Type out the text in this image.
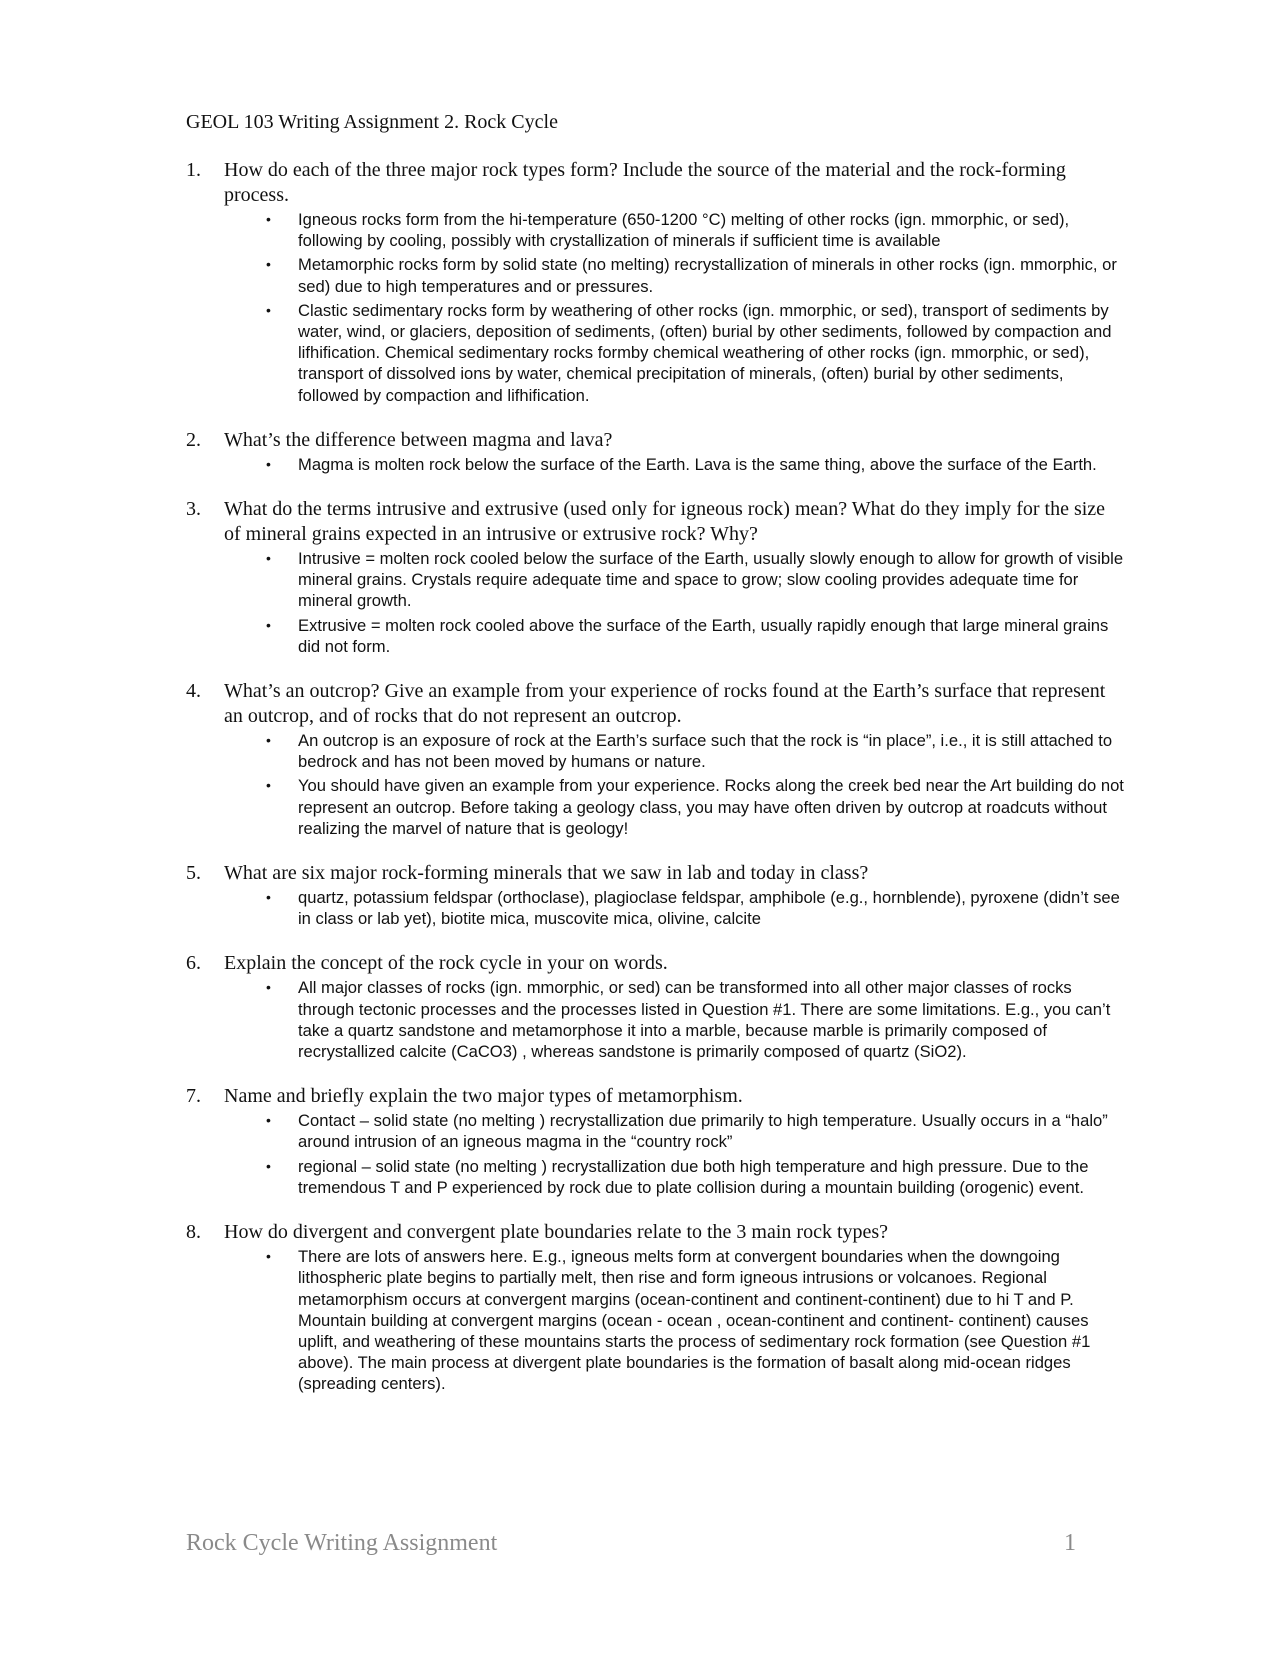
GEOL 103 Writing Assignment 2. Rock Cycle
1. How do each of the three major rock types form? Include the source of the material and the rock-forming process.
• Igneous rocks form from the hi-temperature (650-1200 °C) melting of other rocks (ign. mmorphic, or sed), following by cooling, possibly with crystallization of minerals if sufficient time is available
• Metamorphic rocks form by solid state (no melting) recrystallization of minerals in other rocks (ign. mmorphic, or sed) due to high temperatures and or pressures.
• Clastic sedimentary rocks form by weathering of other rocks (ign. mmorphic, or sed), transport of sediments by water, wind, or glaciers, deposition of sediments, (often) burial by other sediments, followed by compaction and lifhification. Chemical sedimentary rocks formby chemical weathering of other rocks (ign. mmorphic, or sed), transport of dissolved ions by water, chemical precipitation of minerals, (often) burial by other sediments, followed by compaction and lifhification.
2. What’s the difference between magma and lava?
• Magma is molten rock below the surface of the Earth. Lava is the same thing, above the surface of the Earth.
3. What do the terms intrusive and extrusive (used only for igneous rock) mean? What do they imply for the size of mineral grains expected in an intrusive or extrusive rock? Why?
• Intrusive = molten rock cooled below the surface of the Earth, usually slowly enough to allow for growth of visible mineral grains. Crystals require adequate time and space to grow; slow cooling provides adequate time for mineral growth.
• Extrusive = molten rock cooled above the surface of the Earth, usually rapidly enough that large mineral grains did not form.
4. What’s an outcrop? Give an example from your experience of rocks found at the Earth’s surface that represent an outcrop, and of rocks that do not represent an outcrop.
• An outcrop is an exposure of rock at the Earth’s surface such that the rock is “in place”, i.e., it is still attached to bedrock and has not been moved by humans or nature.
• You should have given an example from your experience. Rocks along the creek bed near the Art building do not represent an outcrop. Before taking a geology class, you may have often driven by outcrop at roadcuts without realizing the marvel of nature that is geology!
5. What are six major rock-forming minerals that we saw in lab and today in class?
• quartz, potassium feldspar (orthoclase), plagioclase feldspar, amphibole (e.g., hornblende), pyroxene (didn’t see in class or lab yet), biotite mica, muscovite mica, olivine, calcite
6. Explain the concept of the rock cycle in your on words.
• All major classes of rocks (ign. mmorphic, or sed) can be transformed into all other major classes of rocks through tectonic processes and the processes listed in Question #1. There are some limitations. E.g., you can’t take a quartz sandstone and metamorphose it into a marble, because marble is primarily composed of recrystallized calcite (CaCO3) , whereas sandstone is primarily composed of quartz (SiO2).
7. Name and briefly explain the two major types of metamorphism.
• Contact – solid state (no melting ) recrystallization due primarily to high temperature. Usually occurs in a “halo” around intrusion of an igneous magma in the “country rock”
• regional – solid state (no melting ) recrystallization due both high temperature and high pressure. Due to the tremendous T and P experienced by rock due to plate collision during a mountain building (orogenic) event.
8. How do divergent and convergent plate boundaries relate to the 3 main rock types?
• There are lots of answers here. E.g., igneous melts form at convergent boundaries when the downgoing lithospheric plate begins to partially melt, then rise and form igneous intrusions or volcanoes. Regional metamorphism occurs at convergent margins (ocean-continent and continent-continent) due to hi T and P. Mountain building at convergent margins (ocean - ocean , ocean-continent and continent- continent) causes uplift, and weathering of these mountains starts the process of sedimentary rock formation (see Question #1 above). The main process at divergent plate boundaries is the formation of basalt along mid-ocean ridges (spreading centers).
Rock Cycle Writing Assignment	1
